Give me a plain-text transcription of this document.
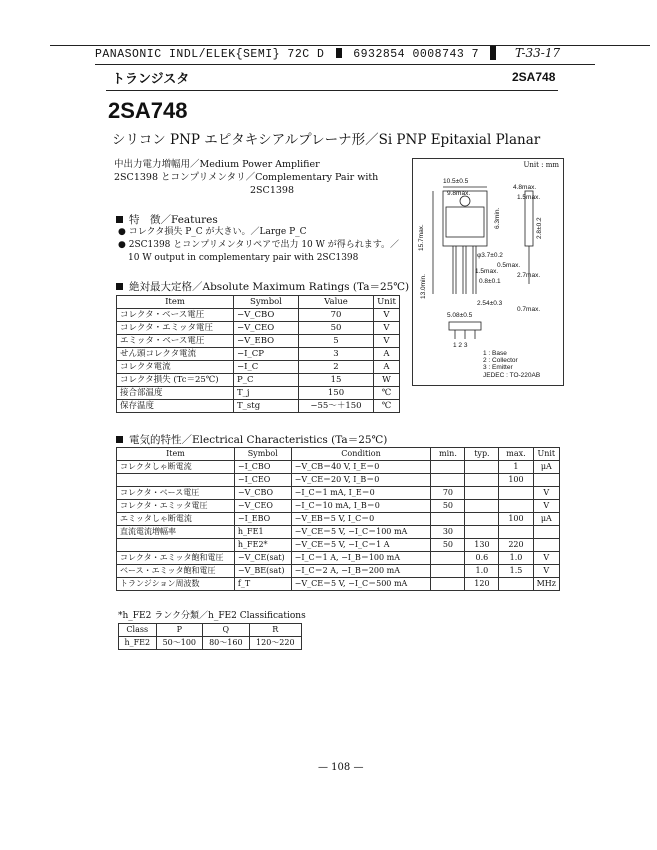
PANASONIC INDL/ELEK{SEMI} 72C D	6932854 0008743 7	T-33-17
トランジスタ	2SA748
2SA748
シリコン PNP エピタキシアルプレーナ形／Si PNP Epitaxial Planar
中出力電力増幅用／Medium Power Amplifier
2SC1398 とコンプリメンタリ／Complementary Pair with
2SC1398
特　徴／Features
● コレクタ損失 P_C が大きい。／Large P_C
● 2SC1398 とコンプリメンタリペアで出力 10 W が得られます。／
10 W output in complementary pair with 2SC1398
絶対最大定格／Absolute Maximum Ratings (Ta＝25℃)
Item	Symbol	Value	Unit
コレクタ・ベース電圧	−V_CBO	70	V
コレクタ・エミッタ電圧	−V_CEO	50	V
エミッタ・ベース電圧	−V_EBO	5	V
せん頭コレクタ電流	−I_CP	3	A
コレクタ電流	−I_C	2	A
コレクタ損失 (Tc＝25℃)	P_C	15	W
接合部温度	T_j	150	℃
保存温度	T_stg	−55～＋150	℃
Unit : mm
10.5±0.5
9.8max.
4.8max.
1.5max.
φ3.7±0.2
0.5max.
1.5max.
0.8±0.1
2.7max.
2.54±0.3
0.7max.
5.08±0.5
15.7max.
6.3min.
13.0min.
2.8±0.2
1 2 3
1 : Base
2 : Collector
3 : Emitter
JEDEC : TO-220AB
電気的特性／Electrical Characteristics (Ta＝25℃)
Item	Symbol	Condition	min.	typ.	max.	Unit
コレクタしゃ断電流	−I_CBO	−V_CB＝40 V, I_E＝0			1	μA
	−I_CEO	−V_CE＝20 V, I_B＝0			100	
コレクタ・ベース電圧	−V_CBO	−I_C＝1 mA, I_E＝0	70			V
コレクタ・エミッタ電圧	−V_CEO	−I_C＝10 mA, I_B＝0	50			V
エミッタしゃ断電流	−I_EBO	−V_EB＝5 V, I_C＝0			100	μA
直流電流増幅率	h_FE1	−V_CE＝5 V, −I_C＝100 mA	30			
	h_FE2*	−V_CE＝5 V, −I_C＝1 A	50	130	220	
コレクタ・エミッタ飽和電圧	−V_CE(sat)	−I_C＝1 A, −I_B＝100 mA		0.6	1.0	V
ベース・エミッタ飽和電圧	−V_BE(sat)	−I_C＝2 A, −I_B＝200 mA		1.0	1.5	V
トランジション周波数	f_T	−V_CE＝5 V, −I_C＝500 mA		120		MHz
*h_FE2 ランク分類／h_FE2 Classifications
Class	P	Q	R
h_FE2	50～100	80～160	120～220
— 108 —
